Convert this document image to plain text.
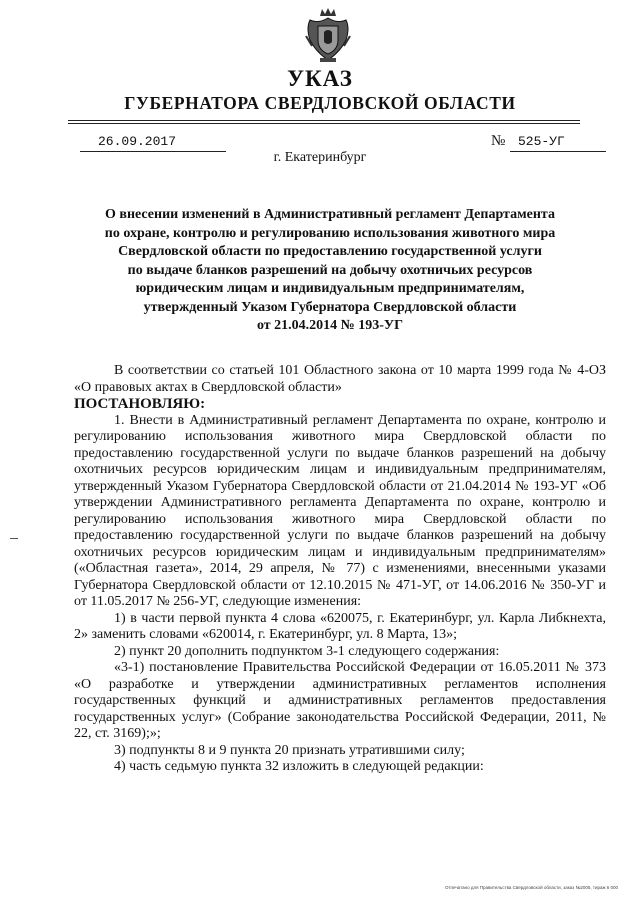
УКАЗ
ГУБЕРНАТОРА СВЕРДЛОВСКОЙ ОБЛАСТИ
26.09.2017	№ 525-УГ
г. Екатеринбург
О внесении изменений в Административный регламент Департамента
по охране, контролю и регулированию использования животного мира
Свердловской области по предоставлению государственной услуги
по выдаче бланков разрешений на добычу охотничьих ресурсов
юридическим лицам и индивидуальным предпринимателям,
утвержденный Указом Губернатора Свердловской области
от 21.04.2014 № 193-УГ

В соответствии со статьей 101 Областного закона от 10 марта 1999 года № 4-ОЗ «О правовых актах в Свердловской области»

ПОСТАНОВЛЯЮ:

1. Внести в Административный регламент Департамента по охране, контролю и регулированию использования животного мира Свердловской области по предоставлению государственной услуги по выдаче бланков разрешений на добычу охотничьих ресурсов юридическим лицам и индивидуальным предпринимателям, утвержденный Указом Губернатора Свердловской области от 21.04.2014 № 193-УГ «Об утверждении Административного регламента Департамента по охране, контролю и регулированию использования животного мира Свердловской области по предоставлению государственной услуги по выдаче бланков разрешений на добычу охотничьих ресурсов юридическим лицам и индивидуальным предпринимателям» («Областная газета», 2014, 29 апреля, № 77) с изменениями, внесенными указами Губернатора Свердловской области от 12.10.2015 № 471-УГ, от 14.06.2016 № 350-УГ и от 11.05.2017 № 256-УГ, следующие изменения:

1) в части первой пункта 4 слова «620075, г. Екатеринбург, ул. Карла Либкнехта, 2» заменить словами «620014, г. Екатеринбург, ул. 8 Марта, 13»;

2) пункт 20 дополнить подпунктом 3-1 следующего содержания:

«3-1) постановление Правительства Российской Федерации от 16.05.2011 № 373 «О разработке и утверждении административных регламентов исполнения государственных функций и административных регламентов предоставления государственных услуг» (Собрание законодательства Российской Федерации, 2011, № 22, ст. 3169);»;

3) подпункты 8 и 9 пункта 20 признать утратившими силу;

4) часть седьмую пункта 32 изложить в следующей редакции:

Отпечатано для Правительства Свердловской области, заказ №2005, тираж 6 000
